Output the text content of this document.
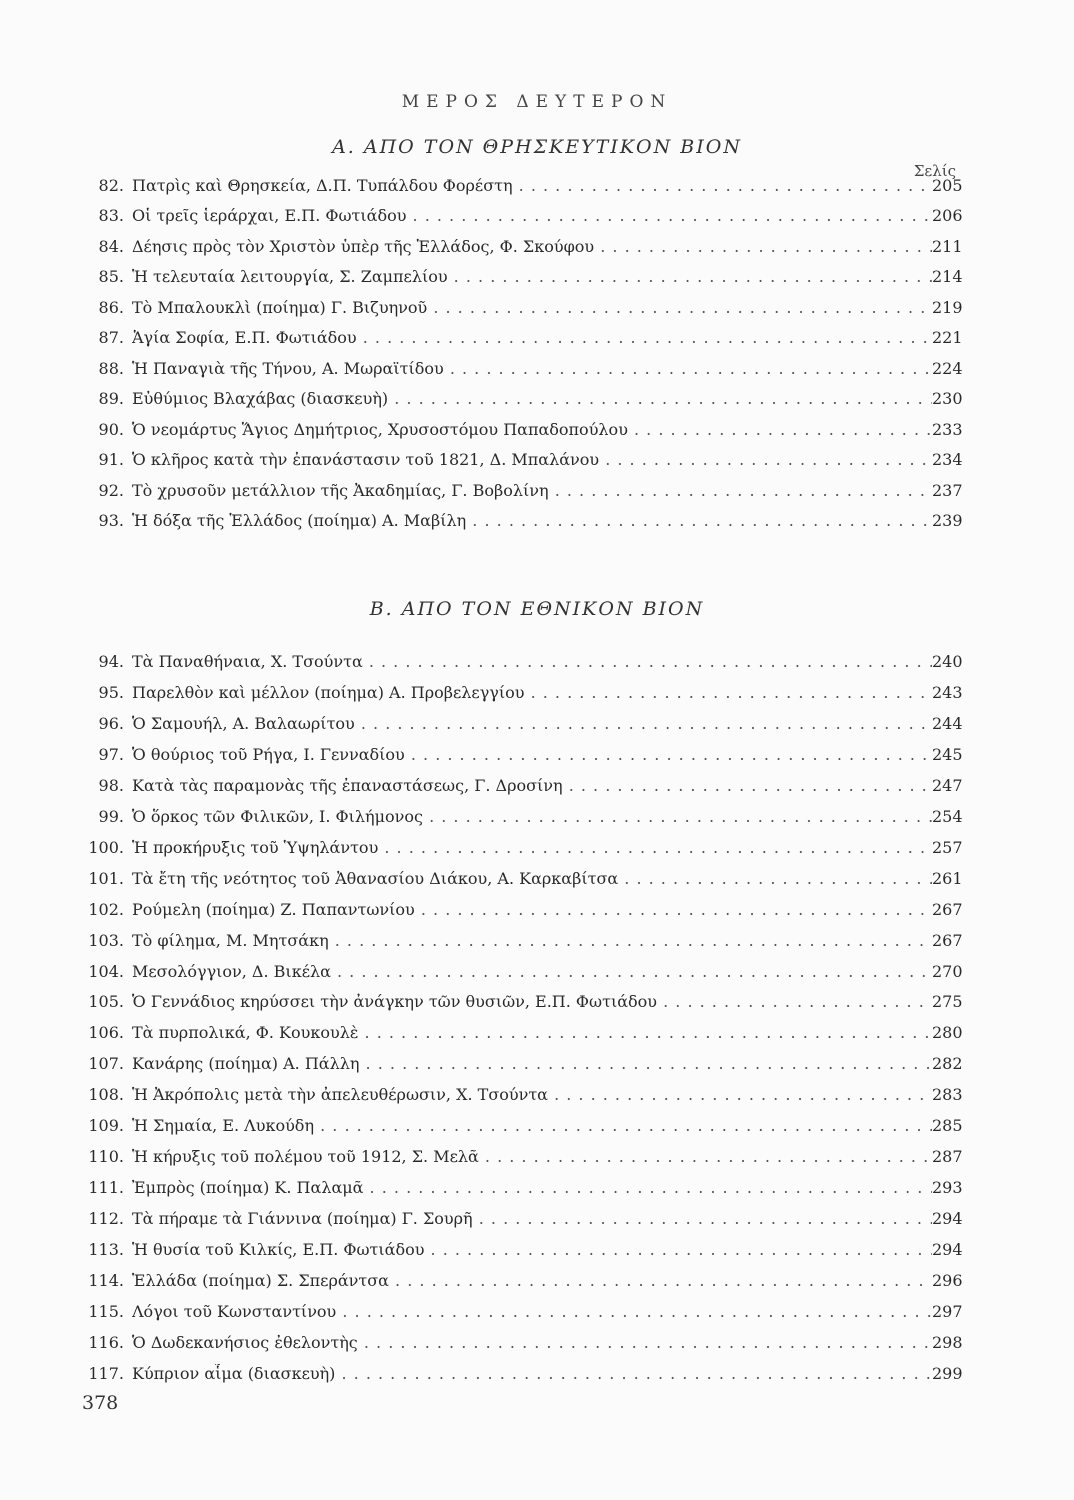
ΜΕΡΟΣ ΔΕΥΤΕΡΟΝ
Α. ΑΠΟ ΤΟΝ ΘΡΗΣΚΕΥΤΙΚΟΝ ΒΙΟΝ
Σελίς
82. Πατρὶς καὶ Θρησκεία, Δ.Π. Τυπάλδου Φορέστη . . .	205
83. Οἱ τρεῖς ἱεράρχαι, Ε.Π. Φωτιάδου . . .	206
84. Δέησις πρὸς τὸν Χριστὸν ὑπὲρ τῆς Ἑλλάδος, Φ. Σκούφου . . .	211
85. Ἡ τελευταία λειτουργία, Σ. Ζαμπελίου . . .	214
86. Τὸ Μπαλουκλὶ (ποίημα) Γ. Βιζυηνοῦ . . .	219
87. Ἁγία Σοφία, Ε.Π. Φωτιάδου . . .	221
88. Ἡ Παναγιὰ τῆς Τήνου, Α. Μωραϊτίδου . . .	224
89. Εὐθύμιος Βλαχάβας (διασκευὴ) . . .	230
90. Ὁ νεομάρτυς Ἅγιος Δημήτριος, Χρυσοστόμου Παπαδοπούλου . . .	233
91. Ὁ κλῆρος κατὰ τὴν ἐπανάστασιν τοῦ 1821, Δ. Μπαλάνου . . .	234
92. Τὸ χρυσοῦν μετάλλιον τῆς Ἀκαδημίας, Γ. Βοβολίνη . . .	237
93. Ἡ δόξα τῆς Ἑλλάδος (ποίημα) Α. Μαβίλη . . .	239
Β. ΑΠΟ ΤΟΝ ΕΘΝΙΚΟΝ ΒΙΟΝ
94. Τὰ Παναθήναια, Χ. Τσούντα . . .	240
95. Παρελθὸν καὶ μέλλον (ποίημα) Α. Προβελεγγίου . . .	243
96. Ὁ Σαμουήλ, Α. Βαλαωρίτου . . .	244
97. Ὁ θούριος τοῦ Ρήγα, Ι. Γενναδίου . . .	245
98. Κατὰ τὰς παραμονὰς τῆς ἐπαναστάσεως, Γ. Δροσίνη . . .	247
99. Ὁ ὅρκος τῶν Φιλικῶν, Ι. Φιλήμονος . . .	254
100. Ἡ προκήρυξις τοῦ Ὑψηλάντου . . .	257
101. Τὰ ἔτη τῆς νεότητος τοῦ Ἀθανασίου Διάκου, Α. Καρκαβίτσα . . .	261
102. Ρούμελη (ποίημα) Ζ. Παπαντωνίου . . .	267
103. Τὸ φίλημα, Μ. Μητσάκη . . .	267
104. Μεσολόγγιον, Δ. Βικέλα . . .	270
105. Ὁ Γεννάδιος κηρύσσει τὴν ἀνάγκην τῶν θυσιῶν, Ε.Π. Φωτιάδου . . .	275
106. Τὰ πυρπολικά, Φ. Κουκουλὲ . . .	280
107. Κανάρης (ποίημα) Α. Πάλλη . . .	282
108. Ἡ Ἀκρόπολις μετὰ τὴν ἀπελευθέρωσιν, Χ. Τσούντα . . .	283
109. Ἡ Σημαία, Ε. Λυκούδη . . .	285
110. Ἡ κήρυξις τοῦ πολέμου τοῦ 1912, Σ. Μελᾶ . . .	287
111. Ἐμπρὸς (ποίημα) Κ. Παλαμᾶ . . .	293
112. Τὰ πήραμε τὰ Γιάννινα (ποίημα) Γ. Σουρῆ . . .	294
113. Ἡ θυσία τοῦ Κιλκίς, Ε.Π. Φωτιάδου . . .	294
114. Ἑλλάδα (ποίημα) Σ. Σπεράντσα . . .	296
115. Λόγοι τοῦ Κωνσταντίνου . . .	297
116. Ὁ Δωδεκανήσιος ἐθελοντὴς . . .	298
117. Κύπριον αἷμα (διασκευὴ) . . .	299
378
